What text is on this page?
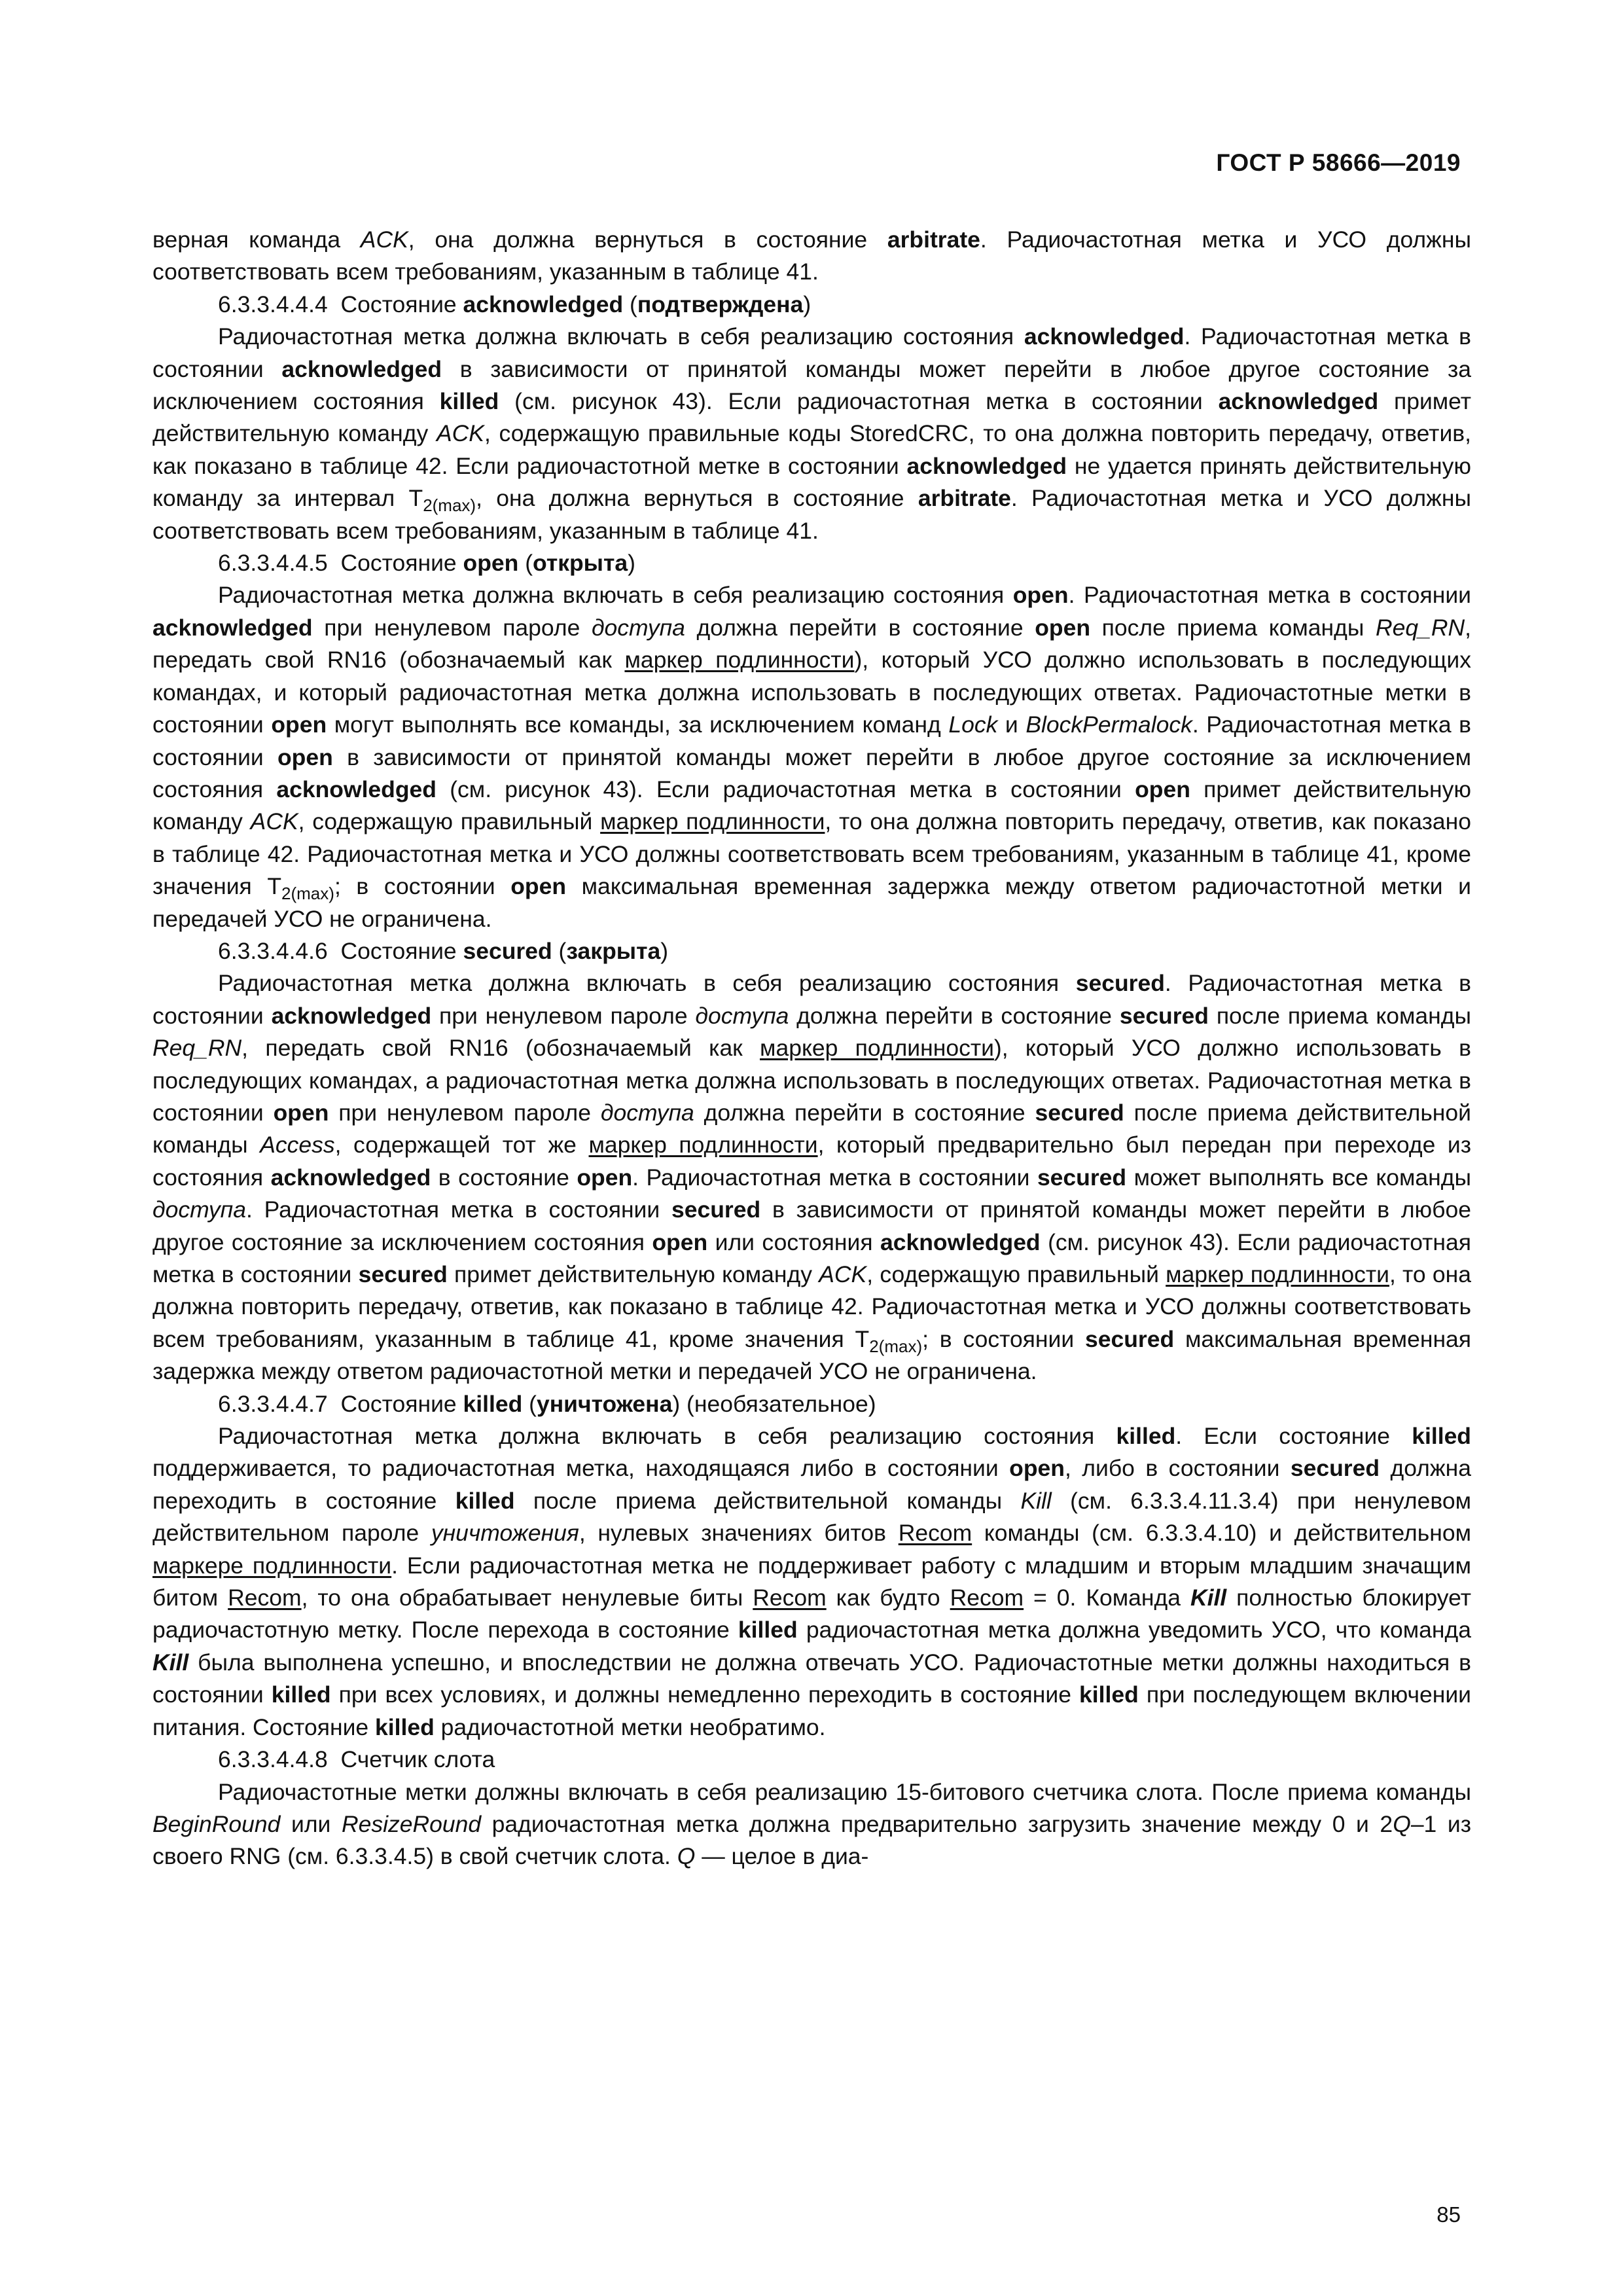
ГОСТ Р 58666—2019

верная команда ACK, она должна вернуться в состояние arbitrate. Радиочастотная метка и УСО должны соответствовать всем требованиям, указанным в таблице 41.

6.3.3.4.4.4  Состояние acknowledged (подтверждена)

Радиочастотная метка должна включать в себя реализацию состояния acknowledged. Радиочастотная метка в состоянии acknowledged в зависимости от принятой команды может перейти в любое другое состояние за исключением состояния killed (см. рисунок 43). Если радиочастотная метка в состоянии acknowledged примет действительную команду ACK, содержащую правильные коды StoredCRC, то она должна повторить передачу, ответив, как показано в таблице 42. Если радиочастотной метке в состоянии acknowledged не удается принять действительную команду за интервал $T_{2(max)}$, она должна вернуться в состояние arbitrate. Радиочастотная метка и УСО должны соответствовать всем требованиям, указанным в таблице 41.

6.3.3.4.4.5  Состояние open (открыта)

Радиочастотная метка должна включать в себя реализацию состояния open. Радиочастотная метка в состоянии acknowledged при ненулевом пароле доступа должна перейти в состояние open после приема команды Req_RN, передать свой RN16 (обозначаемый как маркер подлинности), который УСО должно использовать в последующих командах, и который радиочастотная метка должна использовать в последующих ответах. Радиочастотные метки в состоянии open могут выполнять все команды, за исключением команд Lock и BlockPermalock. Радиочастотная метка в состоянии open в зависимости от принятой команды может перейти в любое другое состояние за исключением состояния acknowledged (см. рисунок 43). Если радиочастотная метка в состоянии open примет действительную команду ACK, содержащую правильный маркер подлинности, то она должна повторить передачу, ответив, как показано в таблице 42. Радиочастотная метка и УСО должны соответствовать всем требованиям, указанным в таблице 41, кроме значения $T_{2(max)}$; в состоянии open максимальная временная задержка между ответом радиочастотной метки и передачей УСО не ограничена.

6.3.3.4.4.6  Состояние secured (закрыта)

Радиочастотная метка должна включать в себя реализацию состояния secured. Радиочастотная метка в состоянии acknowledged при ненулевом пароле доступа должна перейти в состояние secured после приема команды Req_RN, передать свой RN16 (обозначаемый как маркер подлинности), который УСО должно использовать в последующих командах, а радиочастотная метка должна использовать в последующих ответах. Радиочастотная метка в состоянии open при ненулевом пароле доступа должна перейти в состояние secured после приема действительной команды Access, содержащей тот же маркер подлинности, который предварительно был передан при переходе из состояния acknowledged в состояние open. Радиочастотная метка в состоянии secured может выполнять все команды доступа. Радиочастотная метка в состоянии secured в зависимости от принятой команды может перейти в любое другое состояние за исключением состояния open или состояния acknowledged (см. рисунок 43). Если радиочастотная метка в состоянии secured примет действительную команду ACK, содержащую правильный маркер подлинности, то она должна повторить передачу, ответив, как показано в таблице 42. Радиочастотная метка и УСО должны соответствовать всем требованиям, указанным в таблице 41, кроме значения $T_{2(max)}$; в состоянии secured максимальная временная задержка между ответом радиочастотной метки и передачей УСО не ограничена.

6.3.3.4.4.7  Состояние killed (уничтожена) (необязательное)

Радиочастотная метка должна включать в себя реализацию состояния killed. Если состояние killed поддерживается, то радиочастотная метка, находящаяся либо в состоянии open, либо в состоянии secured должна переходить в состояние killed после приема действительной команды Kill (см. 6.3.3.4.11.3.4) при ненулевом действительном пароле уничтожения, нулевых значениях битов Recom команды (см. 6.3.3.4.10) и действительном маркере подлинности. Если радиочастотная метка не поддерживает работу с младшим и вторым младшим значащим битом Recom, то она обрабатывает ненулевые биты Recom как будто Recom = 0. Команда Kill полностью блокирует радиочастотную метку. После перехода в состояние killed радиочастотная метка должна уведомить УСО, что команда Kill была выполнена успешно, и впоследствии не должна отвечать УСО. Радиочастотные метки должны находиться в состоянии killed при всех условиях, и должны немедленно переходить в состояние killed при последующем включении питания. Состояние killed радиочастотной метки необратимо.

6.3.3.4.4.8  Счетчик слота

Радиочастотные метки должны включать в себя реализацию 15-битового счетчика слота. После приема команды BeginRound или ResizeRound радиочастотная метка должна предварительно загрузить значение между 0 и 2Q–1 из своего RNG (см. 6.3.3.4.5) в свой счетчик слота. Q — целое в диа-

85
